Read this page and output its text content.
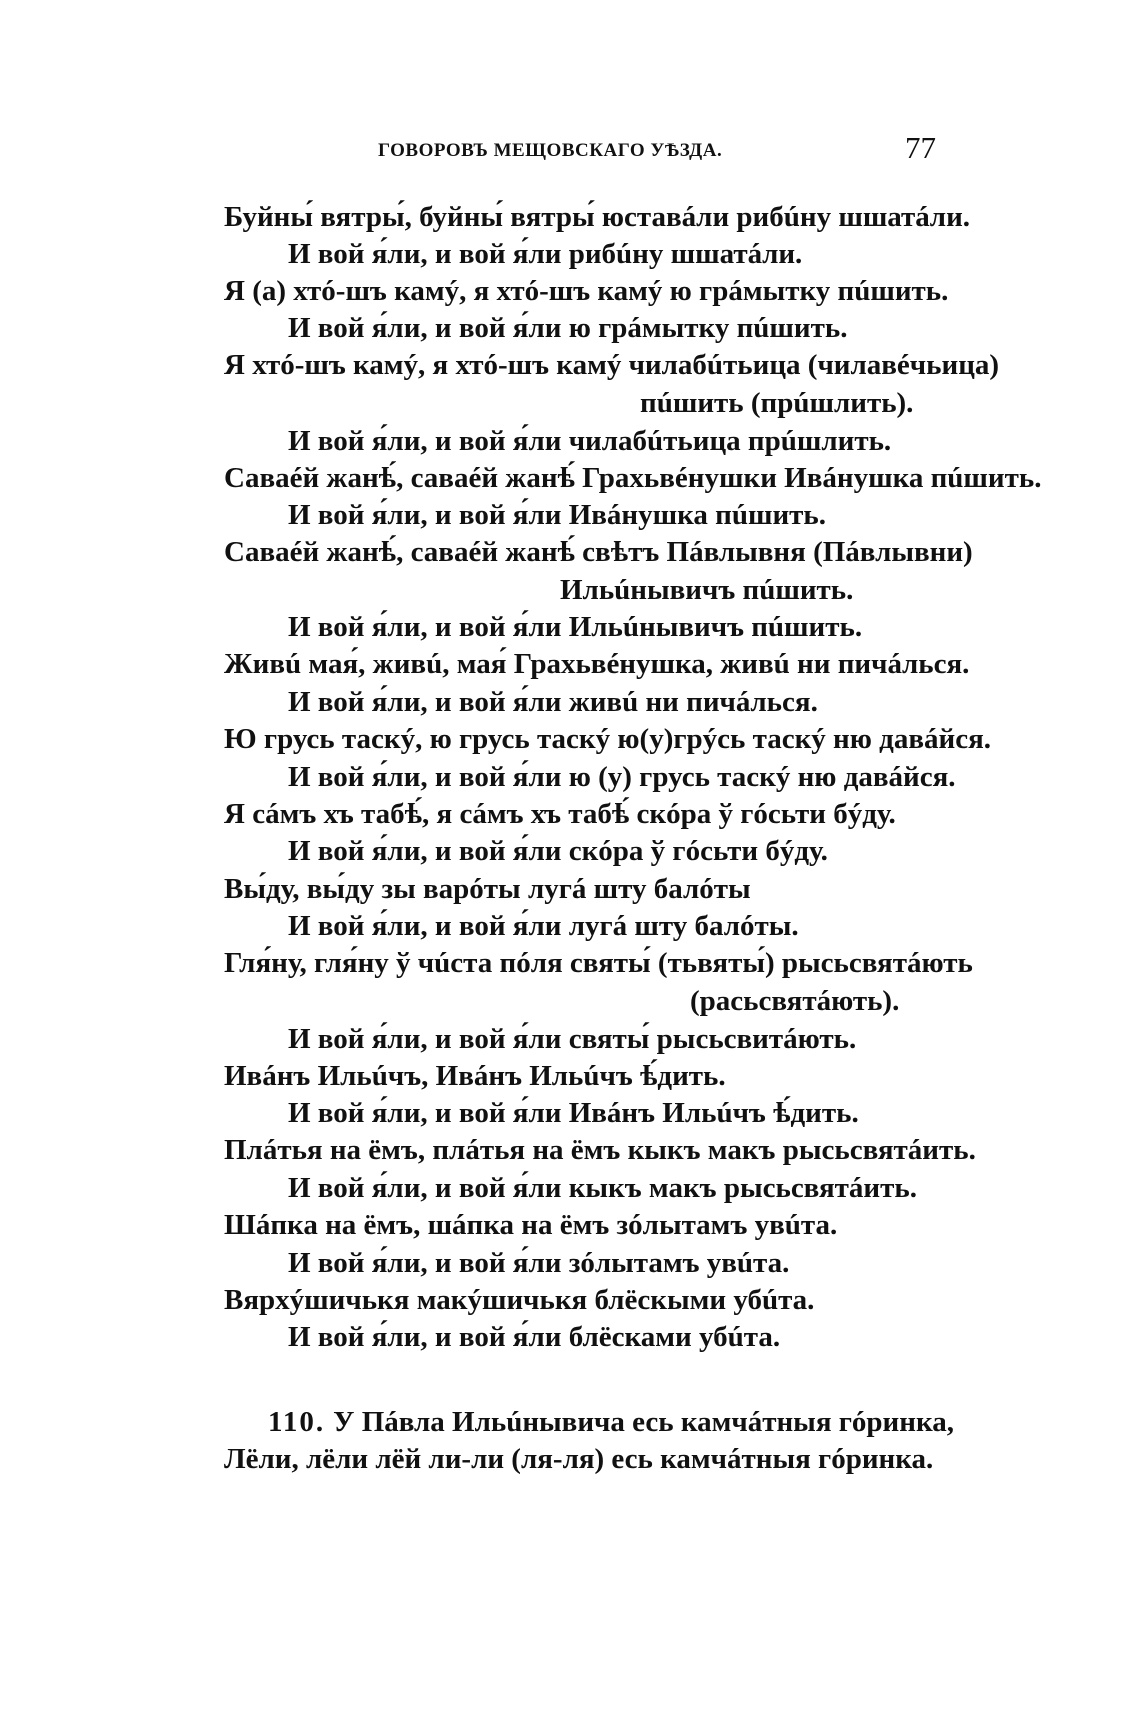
ГОВОРОВЪ МЕЩОВСКАГО УѢЗДА.	77
Буйны́ вятры́, буйны́ вятры́ юставáли рибúну шшатáли.
И вой я́ли, и вой я́ли рибúну шшатáли.
Я (а) хтó-шъ камý, я хтó-шъ камý ю грáмытку пúшить.
И вой я́ли, и вой я́ли ю грáмытку пúшить.
Я хтó-шъ камý, я хтó-шъ камý чилабúтьица (чилавéчьица)
пúшить (прúшлить).
И вой я́ли, и вой я́ли чилабúтьица прúшлить.
Саваéй жанѣ́, саваéй жанѣ́ Грахьвéнушки Ивáнушка пúшить.
И вой я́ли, и вой я́ли Ивáнушка пúшить.
Саваéй жанѣ́, саваéй жанѣ́ свѣтъ Пáвлывня (Пáвлывни)
Ильúнывичъ пúшить.
И вой я́ли, и вой я́ли Ильúнывичъ пúшить.
Живú мая́, живú, мая́ Грахьвéнушка, живú ни пичáлься.
И вой я́ли, и вой я́ли живú ни пичáлься.
Ю грусь таскý, ю грусь таскý ю(у)грýсь таскý ню давáйся.
И вой я́ли, и вой я́ли ю (у) грусь таскý ню давáйся.
Я сáмъ хъ табѣ́, я сáмъ хъ табѣ́ скóра ў гóсьти бýду.
И вой я́ли, и вой я́ли скóра ў гóсьти бýду.
Вы́ду, вы́ду зы варóты лугá шту балóты
И вой я́ли, и вой я́ли лугá шту балóты.
Гля́ну, гля́ну ў чúста пóля святы́ (тьвяты́) рысьсвятáють
(расьсвятáють).
И вой я́ли, и вой я́ли святы́ рысьсвитáють.
Ивáнъ Ильúчъ, Ивáнъ Ильúчъ ѣ́дить.
И вой я́ли, и вой я́ли Ивáнъ Ильúчъ ѣ́дить.
Плáтья на ёмъ, плáтья на ёмъ кыкъ макъ рысьсвятáить.
И вой я́ли, и вой я́ли кыкъ макъ рысьсвятáить.
Шáпка на ёмъ, шáпка на ёмъ зóлытамъ увúта.
И вой я́ли, и вой я́ли зóлытамъ увúта.
Вярхýшичькя макýшичькя блёскыми убúта.
И вой я́ли, и вой я́ли блёсками убúта.
110. У Пáвла Ильúнывича есь камчáтныя гóринка,
Лёли, лёли лёй ли-ли (ля-ля) есь камчáтныя гóринка.
